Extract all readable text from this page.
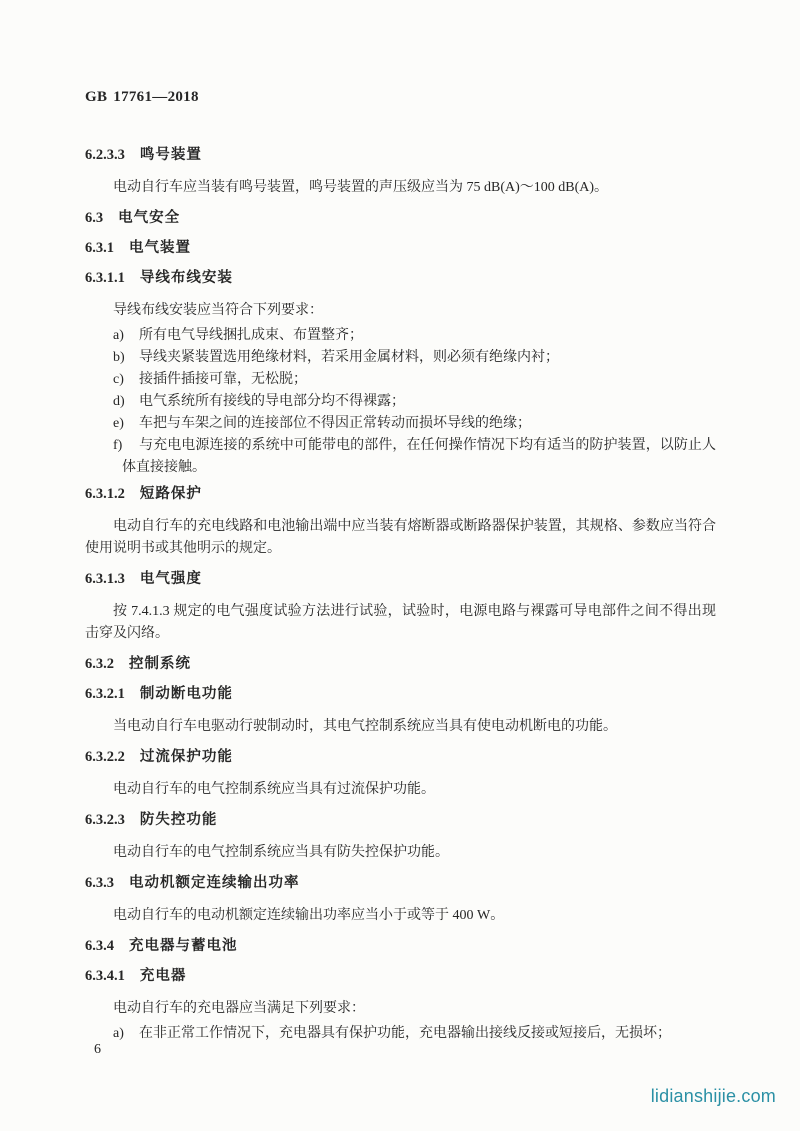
GB 17761—2018
6.2.3.3 鸣号装置
电动自行车应当装有鸣号装置，鸣号装置的声压级应当为 75 dB(A)～100 dB(A)。
6.3 电气安全
6.3.1 电气装置
6.3.1.1 导线布线安装
导线布线安装应当符合下列要求：
a) 所有电气导线捆扎成束、布置整齐；
b) 导线夹紧装置选用绝缘材料，若采用金属材料，则必须有绝缘内衬；
c) 接插件插接可靠，无松脱；
d) 电气系统所有接线的导电部分均不得裸露；
e) 车把与车架之间的连接部位不得因正常转动而损坏导线的绝缘；
f) 与充电电源连接的系统中可能带电的部件，在任何操作情况下均有适当的防护装置，以防止人体直接接触。
6.3.1.2 短路保护
电动自行车的充电线路和电池输出端中应当装有熔断器或断路器保护装置，其规格、参数应当符合使用说明书或其他明示的规定。
6.3.1.3 电气强度
按 7.4.1.3 规定的电气强度试验方法进行试验，试验时，电源电路与裸露可导电部件之间不得出现击穿及闪络。
6.3.2 控制系统
6.3.2.1 制动断电功能
当电动自行车电驱动行驶制动时，其电气控制系统应当具有使电动机断电的功能。
6.3.2.2 过流保护功能
电动自行车的电气控制系统应当具有过流保护功能。
6.3.2.3 防失控功能
电动自行车的电气控制系统应当具有防失控保护功能。
6.3.3 电动机额定连续输出功率
电动自行车的电动机额定连续输出功率应当小于或等于 400 W。
6.3.4 充电器与蓄电池
6.3.4.1 充电器
电动自行车的充电器应当满足下列要求：
a) 在非正常工作情况下，充电器具有保护功能，充电器输出接线反接或短接后，无损坏；
6
lidianshijie.com
